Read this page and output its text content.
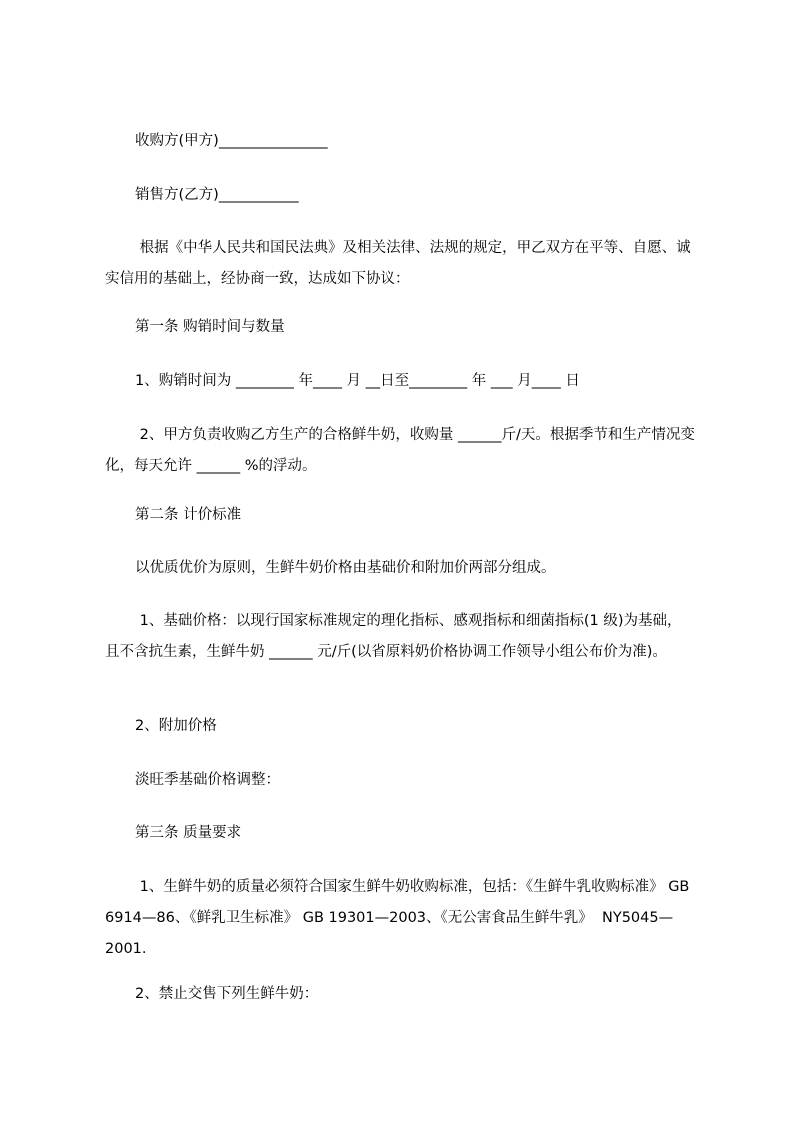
收购方(甲方)_______________

销售方(乙方)___________

根据《中华人民共和国民法典》及相关法律、法规的规定，甲乙双方在平等、自愿、诚实信用的基础上，经协商一致，达成如下协议：

第一条 购销时间与数量

1、购销时间为 ________ 年____ 月 __日至________ 年 ___ 月____ 日

2、甲方负责收购乙方生产的合格鲜牛奶，收购量 ______斤/天。根据季节和生产情况变化，每天允许 ______ %的浮动。

第二条 计价标准

以优质优价为原则，生鲜牛奶价格由基础价和附加价两部分组成。

1、基础价格：以现行国家标准规定的理化指标、感观指标和细菌指标(1 级)为基础，且不含抗生素，生鲜牛奶 ______ 元/斤(以省原料奶价格协调工作领导小组公布价为准)。

2、附加价格

淡旺季基础价格调整：

第三条 质量要求

1、生鲜牛奶的质量必须符合国家生鲜牛奶收购标准，包括：《生鲜牛乳收购标准》 GB 6914—86、《鲜乳卫生标准》 GB 19301—2003、《无公害食品生鲜牛乳》  NY5045—2001.

2、禁止交售下列生鲜牛奶：
